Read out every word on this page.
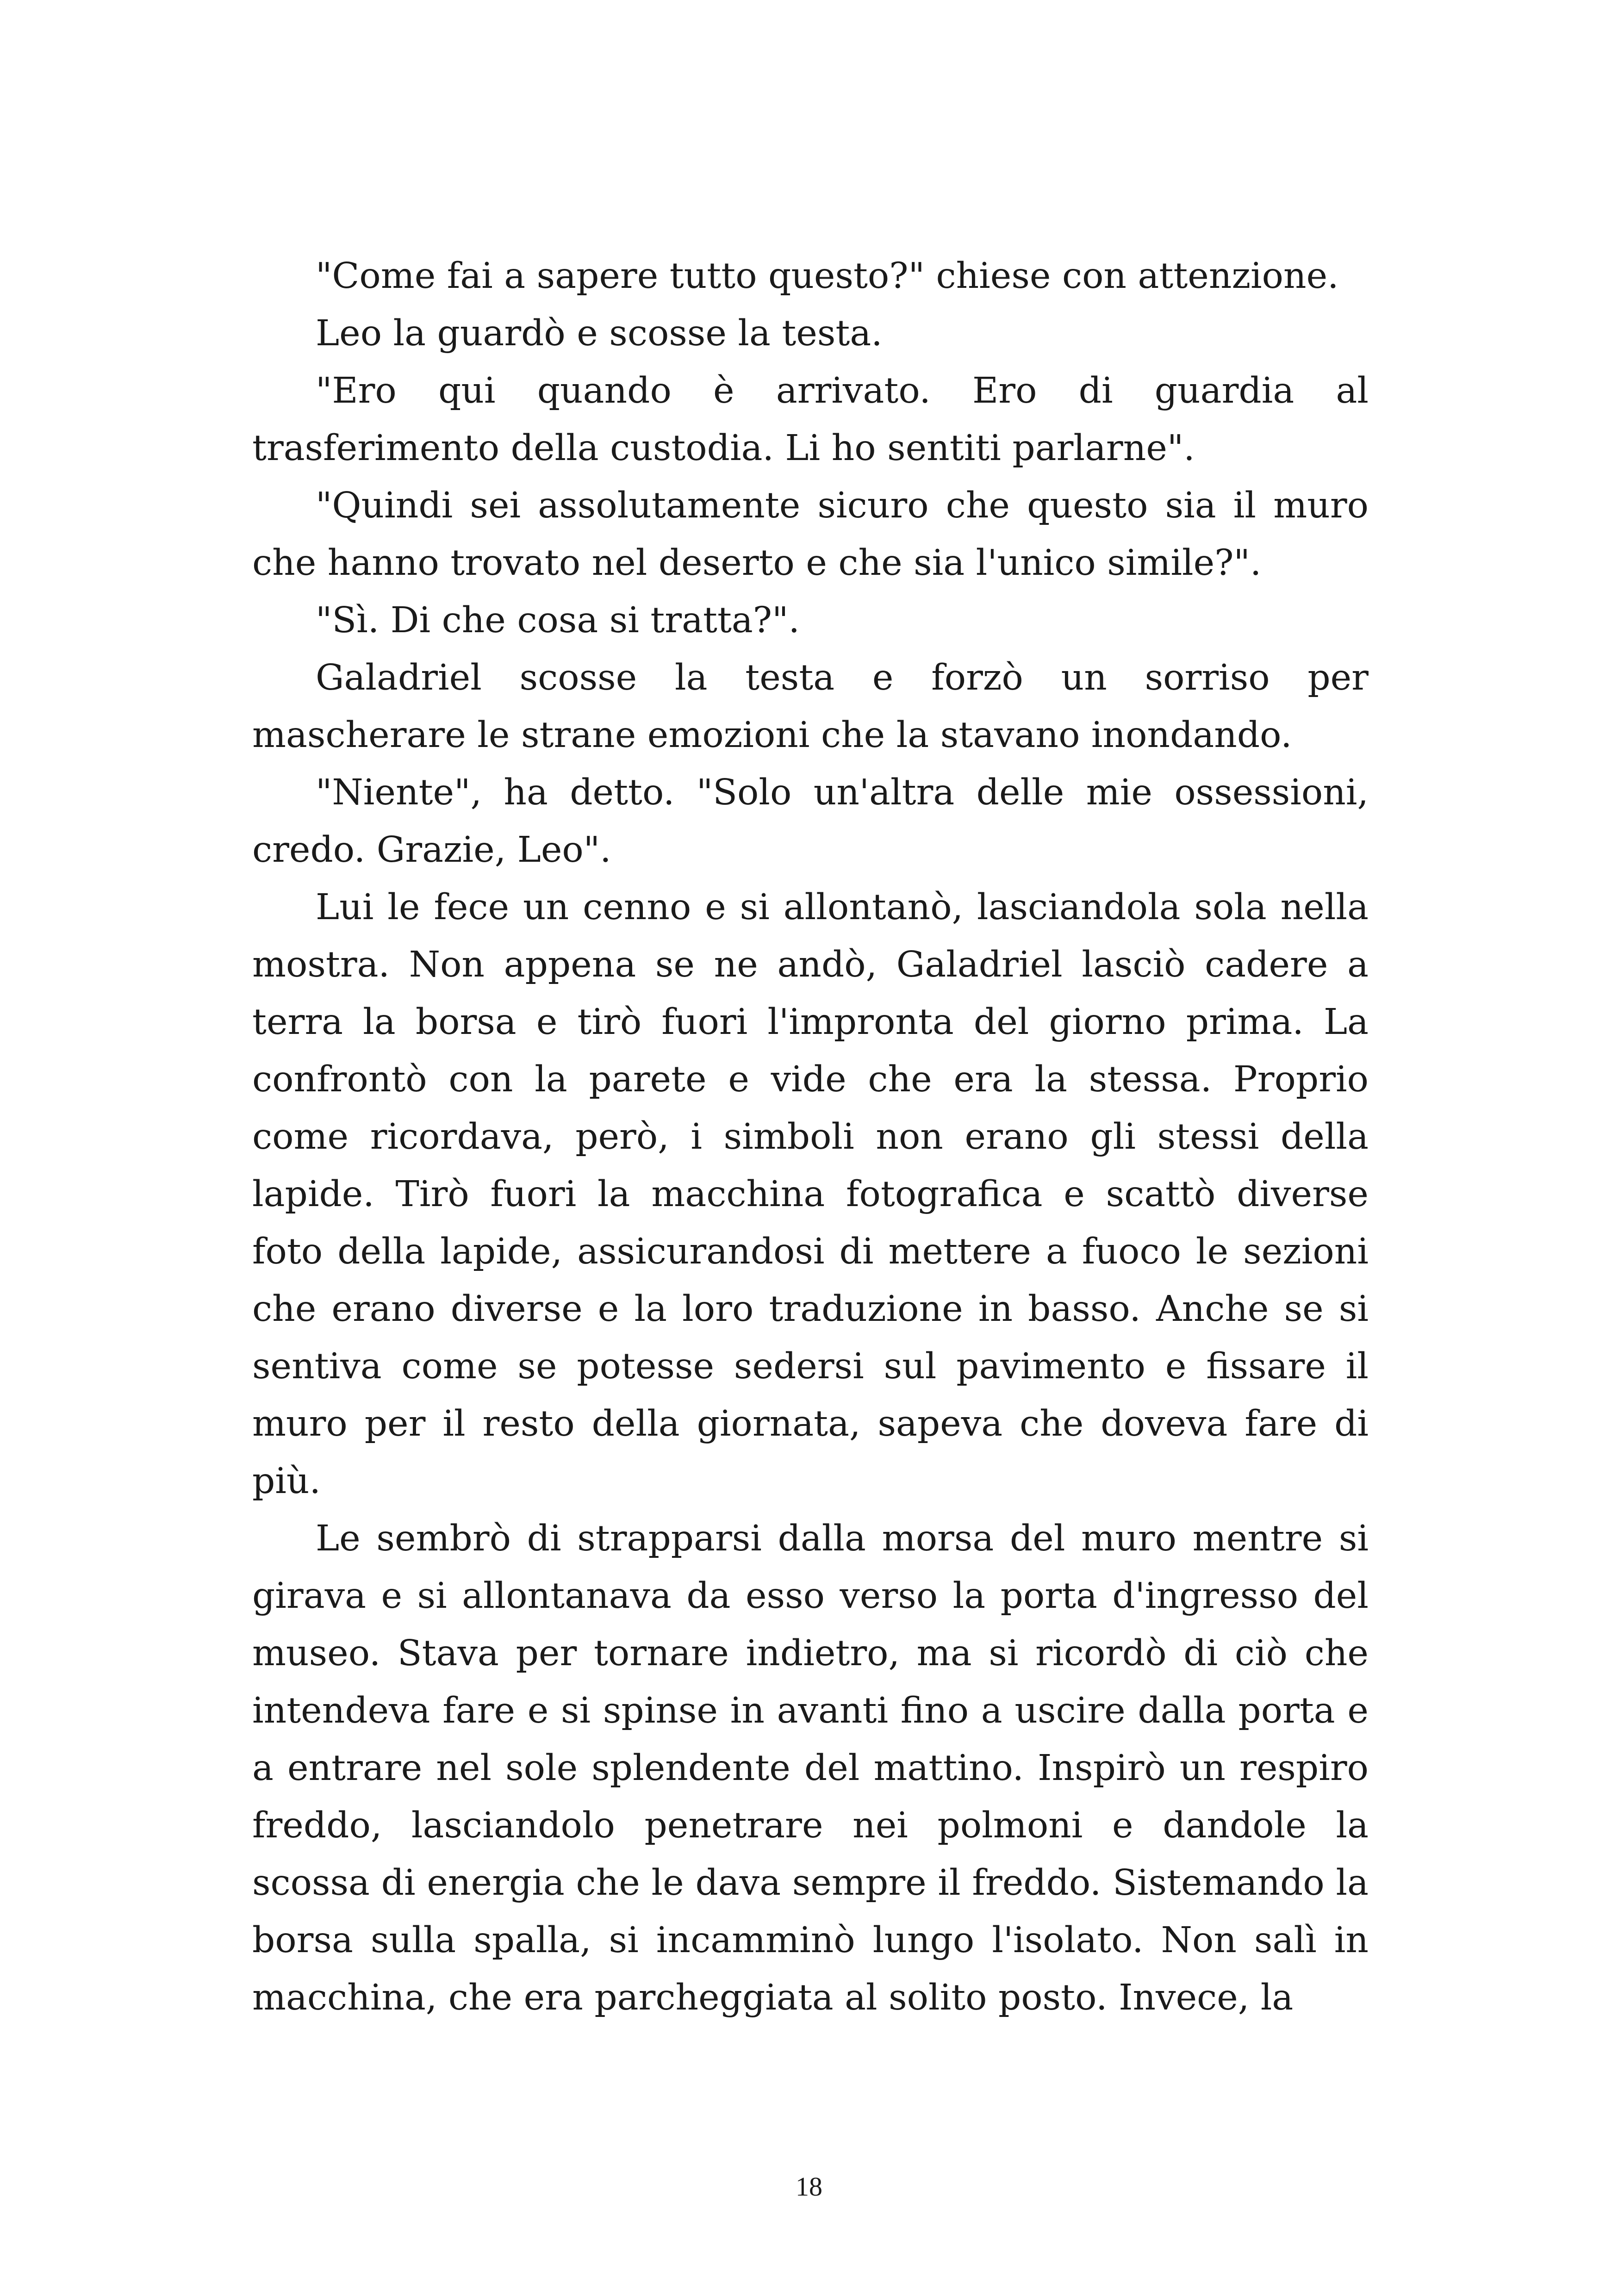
"Come fai a sapere tutto questo?" chiese con attenzione.

Leo la guardò e scosse la testa.

"Ero qui quando è arrivato. Ero di guardia al trasferimento della custodia. Li ho sentiti parlarne".

"Quindi sei assolutamente sicuro che questo sia il muro che hanno trovato nel deserto e che sia l'unico simile?".

"Sì. Di che cosa si tratta?".

Galadriel scosse la testa e forzò un sorriso per mascherare le strane emozioni che la stavano inondando.

"Niente", ha detto. "Solo un'altra delle mie ossessioni, credo. Grazie, Leo".

Lui le fece un cenno e si allontanò, lasciandola sola nella mostra. Non appena se ne andò, Galadriel lasciò cadere a terra la borsa e tirò fuori l'impronta del giorno prima. La confrontò con la parete e vide che era la stessa. Proprio come ricordava, però, i simboli non erano gli stessi della lapide. Tirò fuori la macchina fotografica e scattò diverse foto della lapide, assicurandosi di mettere a fuoco le sezioni che erano diverse e la loro traduzione in basso. Anche se si sentiva come se potesse sedersi sul pavimento e fissare il muro per il resto della giornata, sapeva che doveva fare di più.

Le sembrò di strapparsi dalla morsa del muro mentre si girava e si allontanava da esso verso la porta d'ingresso del museo. Stava per tornare indietro, ma si ricordò di ciò che intendeva fare e si spinse in avanti fino a uscire dalla porta e a entrare nel sole splendente del mattino. Inspirò un respiro freddo, lasciandolo penetrare nei polmoni e dandole la scossa di energia che le dava sempre il freddo. Sistemando la borsa sulla spalla, si incamminò lungo l'isolato. Non salì in macchina, che era parcheggiata al solito posto. Invece, la

18
